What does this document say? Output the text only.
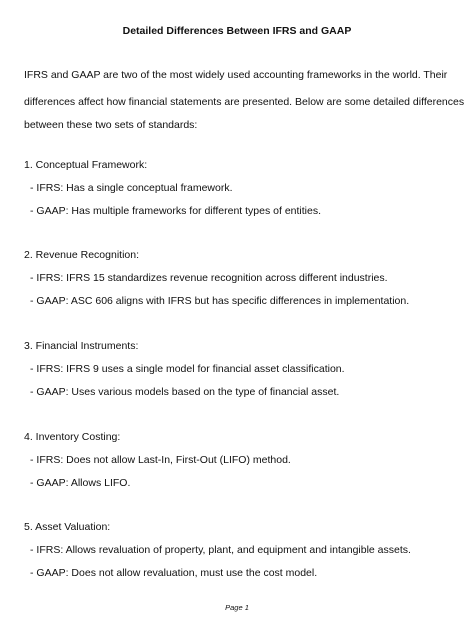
Detailed Differences Between IFRS and GAAP
IFRS and GAAP are two of the most widely used accounting frameworks in the world. Their
differences affect how financial statements are presented. Below are some detailed differences
between these two sets of standards:
1. Conceptual Framework:
- IFRS: Has a single conceptual framework.
- GAAP: Has multiple frameworks for different types of entities.
2. Revenue Recognition:
- IFRS: IFRS 15 standardizes revenue recognition across different industries.
- GAAP: ASC 606 aligns with IFRS but has specific differences in implementation.
3. Financial Instruments:
- IFRS: IFRS 9 uses a single model for financial asset classification.
- GAAP: Uses various models based on the type of financial asset.
4. Inventory Costing:
- IFRS: Does not allow Last-In, First-Out (LIFO) method.
- GAAP: Allows LIFO.
5. Asset Valuation:
- IFRS: Allows revaluation of property, plant, and equipment and intangible assets.
- GAAP: Does not allow revaluation, must use the cost model.
Page 1
